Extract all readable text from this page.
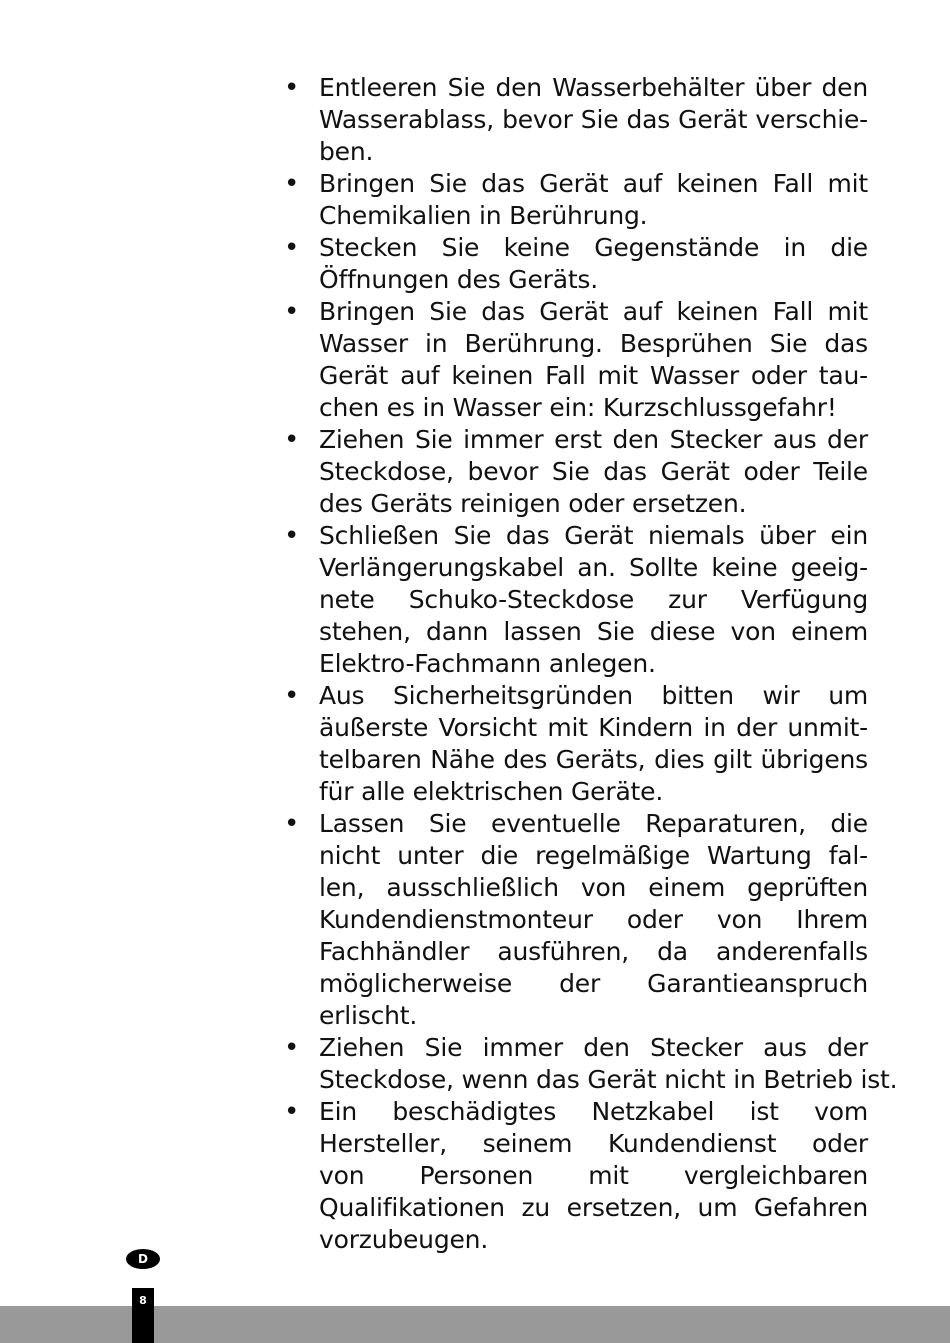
• Entleeren Sie den Wasserbehälter über den
Wasserablass, bevor Sie das Gerät verschie-
ben.
• Bringen Sie das Gerät auf keinen Fall mit
Chemikalien in Berührung.
• Stecken Sie keine Gegenstände in die
Öffnungen des Geräts.
• Bringen Sie das Gerät auf keinen Fall mit
Wasser in Berührung. Besprühen Sie das
Gerät auf keinen Fall mit Wasser oder tau-
chen es in Wasser ein: Kurzschlussgefahr!
• Ziehen Sie immer erst den Stecker aus der
Steckdose, bevor Sie das Gerät oder Teile
des Geräts reinigen oder ersetzen.
• Schließen Sie das Gerät niemals über ein
Verlängerungskabel an. Sollte keine geeig-
nete Schuko-Steckdose zur Verfügung
stehen, dann lassen Sie diese von einem
Elektro-Fachmann anlegen.
• Aus Sicherheitsgründen bitten wir um
äußerste Vorsicht mit Kindern in der unmit-
telbaren Nähe des Geräts, dies gilt übrigens
für alle elektrischen Geräte.
• Lassen Sie eventuelle Reparaturen, die
nicht unter die regelmäßige Wartung fal-
len, ausschließlich von einem geprüften
Kundendienstmonteur oder von Ihrem
Fachhändler ausführen, da anderenfalls
möglicherweise der Garantieanspruch
erlischt.
• Ziehen Sie immer den Stecker aus der
Steckdose, wenn das Gerät nicht in Betrieb ist.
• Ein beschädigtes Netzkabel ist vom
Hersteller, seinem Kundendienst oder
von Personen mit vergleichbaren
Qualifikationen zu ersetzen, um Gefahren
vorzubeugen.
D
8
